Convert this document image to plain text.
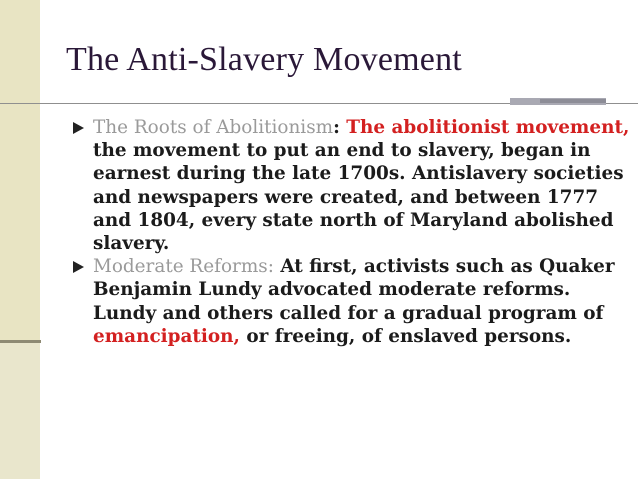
The Anti-Slavery Movement
The Roots of Abolitionism: The abolitionist movement, the movement to put an end to slavery, began in earnest during the late 1700s. Antislavery societies and newspapers were created, and between 1777 and 1804, every state north of Maryland abolished slavery.
Moderate Reforms: At first, activists such as Quaker Benjamin Lundy advocated moderate reforms. Lundy and others called for a gradual program of emancipation, or freeing, of enslaved persons.
